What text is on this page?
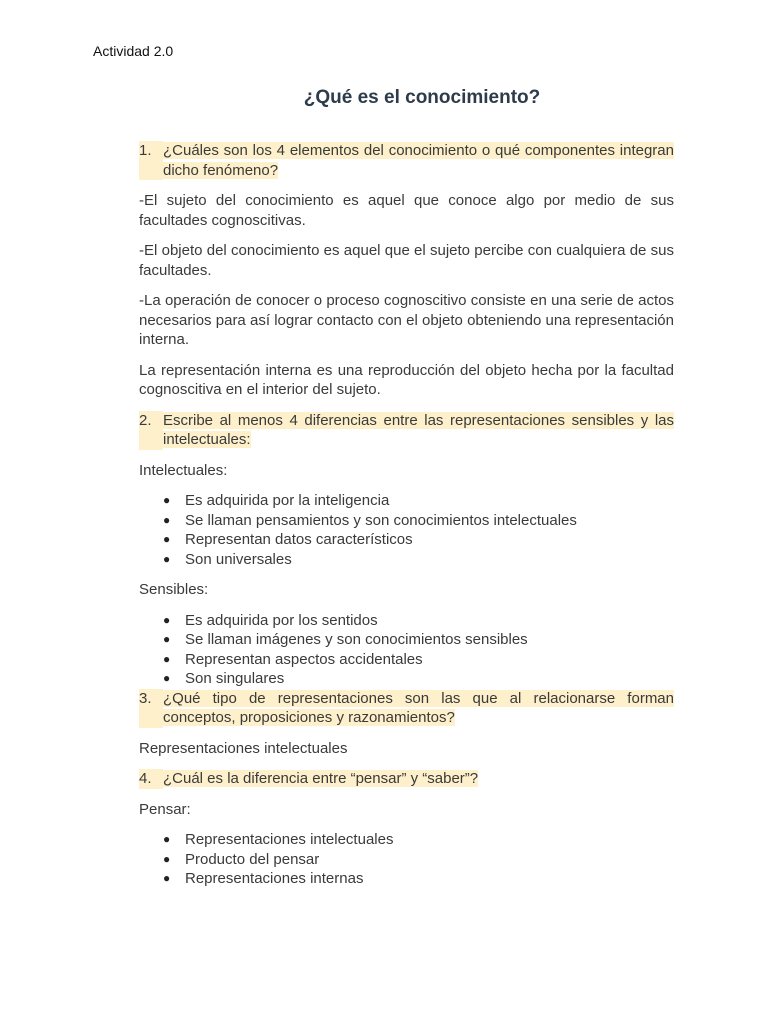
Actividad 2.0
¿Qué es el conocimiento?
1. ¿Cuáles son los 4 elementos del conocimiento o qué componentes integran dicho fenómeno?

-El sujeto del conocimiento es aquel que conoce algo por medio de sus facultades cognoscitivas.

-El objeto del conocimiento es aquel que el sujeto percibe con cualquiera de sus facultades.

-La operación de conocer o proceso cognoscitivo consiste en una serie de actos necesarios para así lograr contacto con el objeto obteniendo una representación interna.

La representación interna es una reproducción del objeto hecha por la facultad cognoscitiva en el interior del sujeto.

2. Escribe al menos 4 diferencias entre las representaciones sensibles y las intelectuales:

Intelectuales:

● Es adquirida por la inteligencia
● Se llaman pensamientos y son conocimientos intelectuales
● Representan datos característicos
● Son universales

Sensibles:

● Es adquirida por los sentidos
● Se llaman imágenes y son conocimientos sensibles
● Representan aspectos accidentales
● Son singulares
3. ¿Qué tipo de representaciones son las que al relacionarse forman conceptos, proposiciones y razonamientos?

Representaciones intelectuales

4. ¿Cuál es la diferencia entre “pensar” y “saber”?

Pensar:

● Representaciones intelectuales
● Producto del pensar
● Representaciones internas
